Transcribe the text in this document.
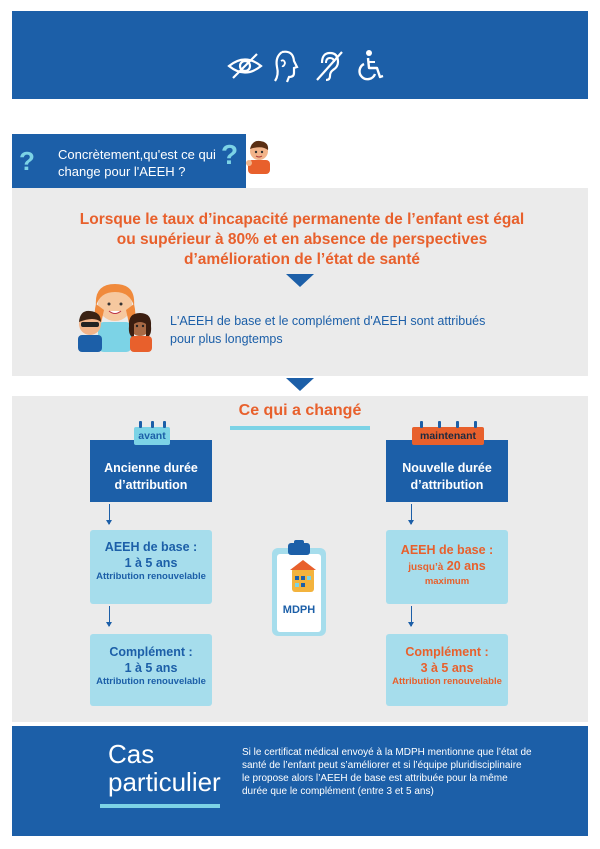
? Concrètement,qu'est ce qui change pour l'AEEH ?
?
Lorsque le taux d’incapacité permanente de l’enfant est égal ou supérieur à 80% et en absence de perspectives d’amélioration de l’état de santé
L'AEEH de base et le complément d'AEEH sont attribués pour plus longtemps
Ce qui a changé
Ancienne durée d’attribution
avant
AEEH de base :
1 à 5 ans
Attribution renouvelable
Complément :
1 à 5 ans
Attribution renouvelable
MDPH
Nouvelle durée d’attribution
maintenant
AEEH de base :
jusqu’à 20 ans
maximum
Complément :
3 à 5 ans
Attribution renouvelable
Cas particulier
Si le certificat médical envoyé à la MDPH mentionne que l’état de santé de l’enfant peut s’améliorer et si l’équipe pluridisciplinaire le propose alors l’AEEH de base est attribuée pour la même durée que le complément (entre 3 et 5 ans)
